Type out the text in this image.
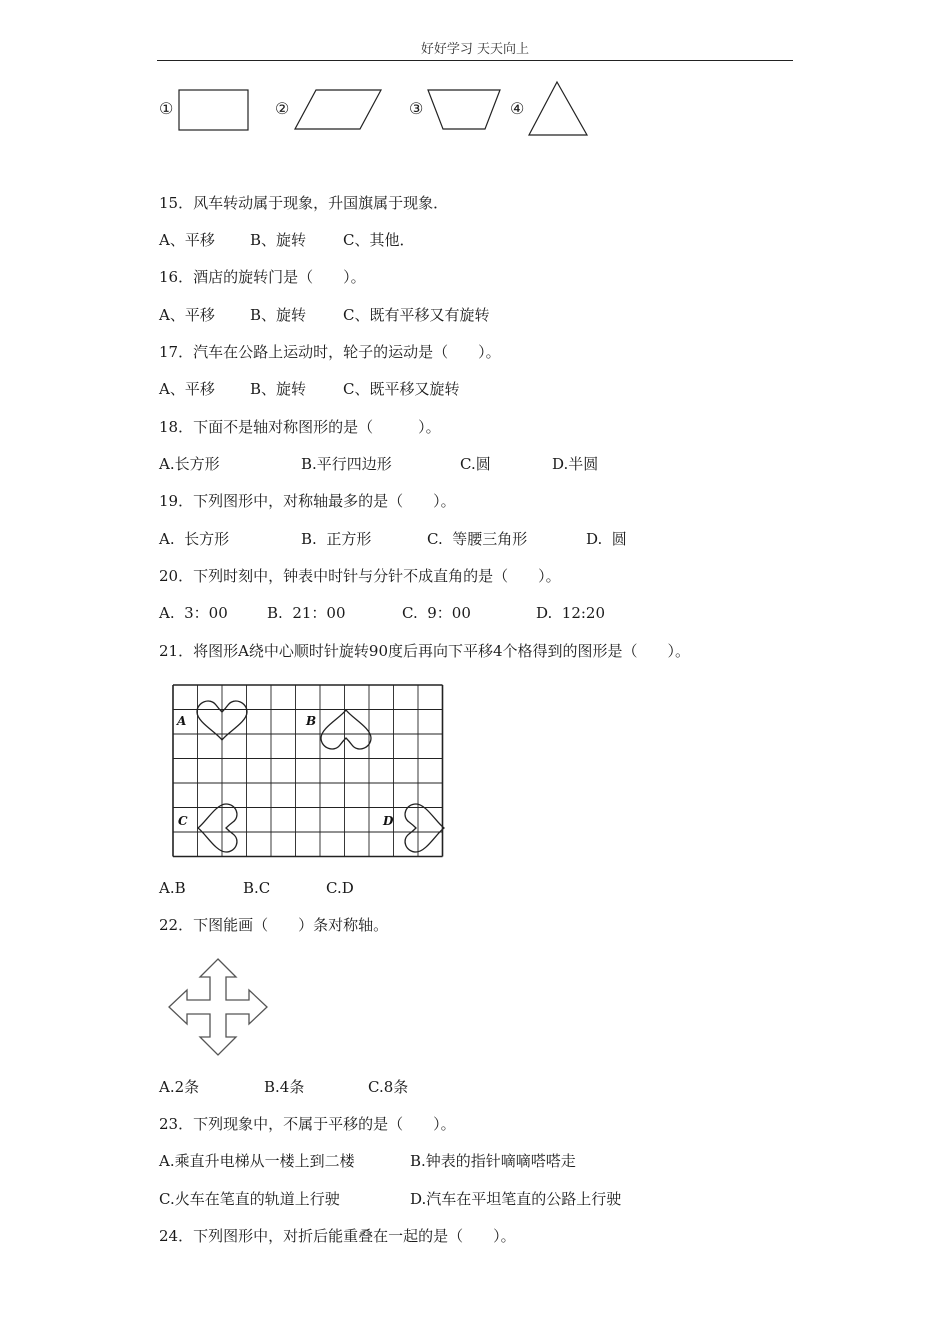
好好学习 天天向上
①	②	③	④
15．风车转动属于现象，升国旗属于现象．
A、平移 B、旋转 C、其他．
16．酒店的旋转门是（　　）。
A、平移 B、旋转 C、既有平移又有旋转
17．汽车在公路上运动时，轮子的运动是（　　）。
A、平移 B、旋转 C、既平移又旋转
18．下面不是轴对称图形的是（　　　）。
A.长方形	B.平行四边形	C.圆	D.半圆
19．下列图形中，对称轴最多的是（　　）。
A.  长方形	B.  正方形	C.  等腰三角形	D.  圆
20．下列时刻中，钟表中时针与分针不成直角的是（　　）。
A.  3：00	B.  21：00	C.  9：00	D.  12:20
21．将图形A绕中心顺时针旋转90度后再向下平移4个格得到的图形是（　　）。
A	B
C	D
A.B	B.C	C.D
22．下图能画（　　）条对称轴。
A.2条	B.4条	C.8条
23．下列现象中，不属于平移的是（　　）。
A.乘直升电梯从一楼上到二楼	B.钟表的指针嘀嘀嗒嗒走
C.火车在笔直的轨道上行驶	D.汽车在平坦笔直的公路上行驶
24．下列图形中，对折后能重叠在一起的是（　　）。
